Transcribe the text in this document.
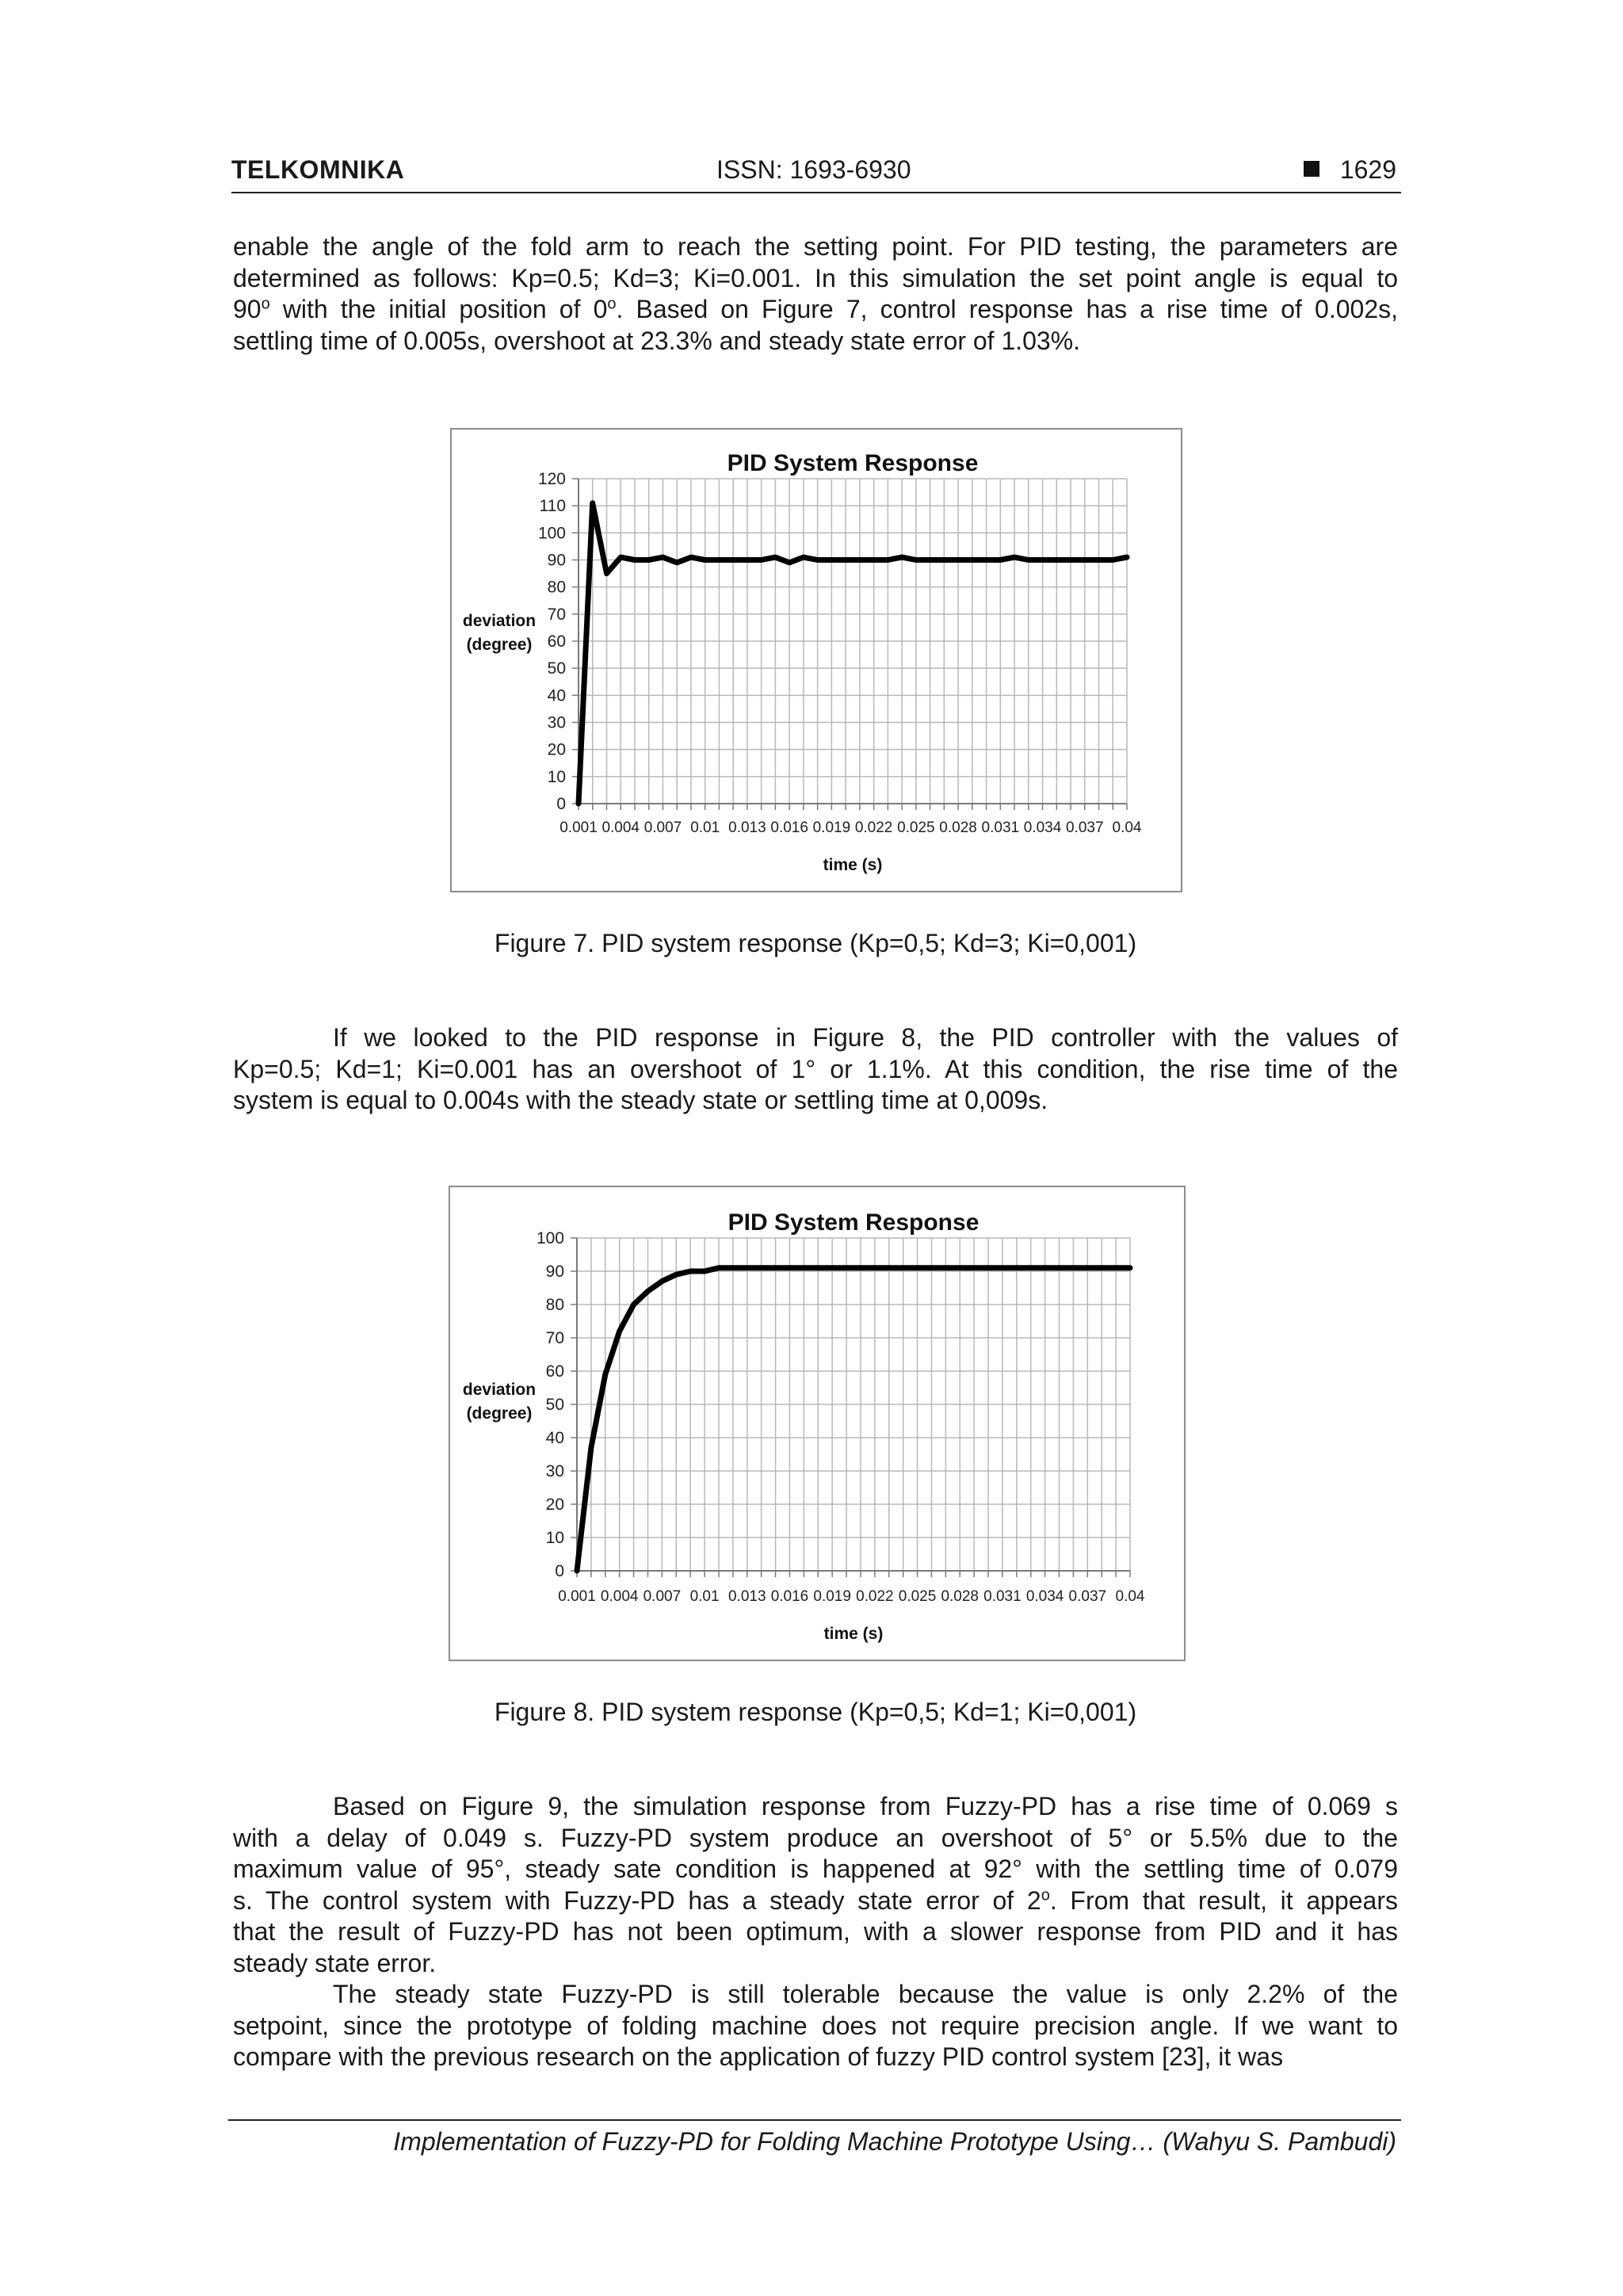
TELKOMNIKA	ISSN: 1693-6930	1629
enable the angle of the fold arm to reach the setting point. For PID testing, the parameters are
determined as follows: Kp=0.5; Kd=3; Ki=0.001. In this simulation the set point angle is equal to
90$^o$ with the initial position of 0$^o$. Based on Figure 7, control response has a rise time of 0.002s,
settling time of 0.005s, overshoot at 23.3% and steady state error of 1.03%.
0
10
20
30
40
50
60
70
80
90
100
110
120
0.001 0.004 0.007 0.01 0.013 0.016 0.019 0.022 0.025 0.028 0.031 0.034 0.037 0.04
PID System Response
time (s)
deviation
(degree)
Figure 7. PID system response (Kp=0,5; Kd=3; Ki=0,001)
If we looked to the PID response in Figure 8, the PID controller with the values of
Kp=0.5; Kd=1; Ki=0.001 has an overshoot of 1° or 1.1%. At this condition, the rise time of the
system is equal to 0.004s with the steady state or settling time at 0,009s.
0
10
20
30
40
50
60
70
80
90
100
0.001 0.004 0.007 0.01 0.013 0.016 0.019 0.022 0.025 0.028 0.031 0.034 0.037 0.04
PID System Response
time (s)
deviation
(degree)
Figure 8. PID system response (Kp=0,5; Kd=1; Ki=0,001)
Based on Figure 9, the simulation response from Fuzzy-PD has a rise time of 0.069 s
with a delay of 0.049 s. Fuzzy-PD system produce an overshoot of 5° or 5.5% due to the
maximum value of 95°, steady sate condition is happened at 92° with the settling time of 0.079
s. The control system with Fuzzy-PD has a steady state error of 2$^o$. From that result, it appears
that the result of Fuzzy-PD has not been optimum, with a slower response from PID and it has
steady state error.
The steady state Fuzzy-PD is still tolerable because the value is only 2.2% of the
setpoint, since the prototype of folding machine does not require precision angle. If we want to
compare with the previous research on the application of fuzzy PID control system [23], it was
Implementation of Fuzzy-PD for Folding Machine Prototype Using… (Wahyu S. Pambudi)
